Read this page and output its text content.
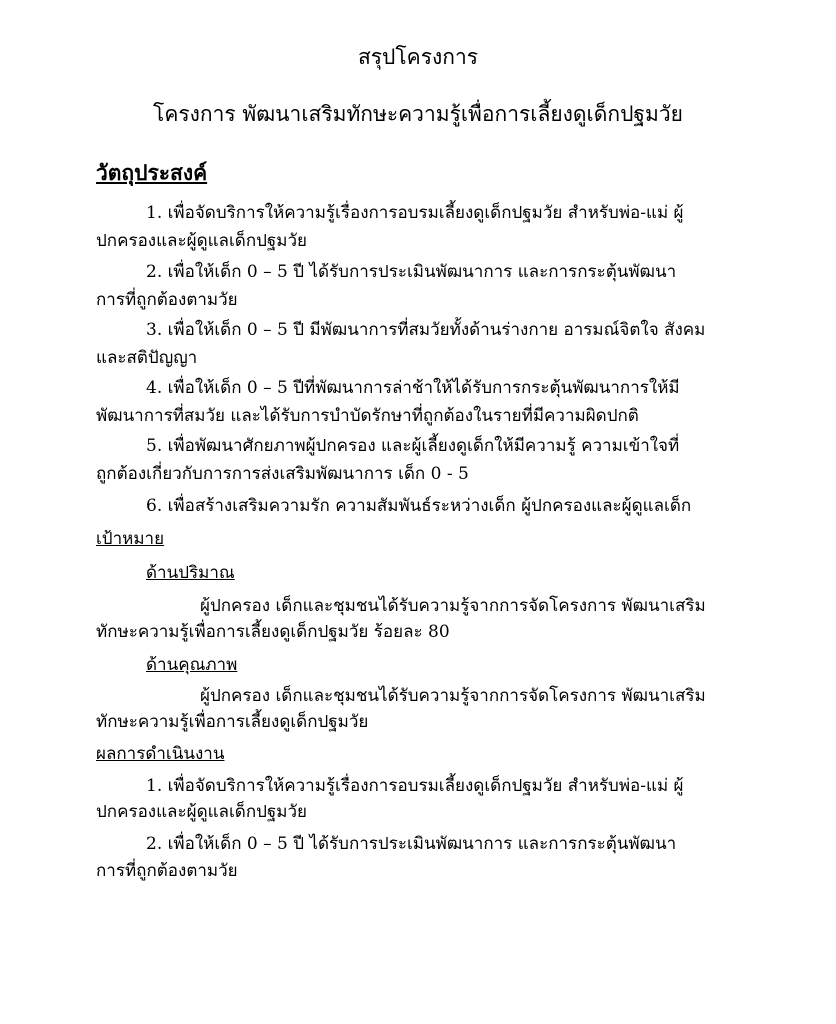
สรุปโครงการ
โครงการ พัฒนาเสริมทักษะความรู้เพื่อการเลี้ยงดูเด็กปฐมวัย
วัตถุประสงค์
1. เพื่อจัดบริการให้ความรู้เรื่องการอบรมเลี้ยงดูเด็กปฐมวัย สำหรับพ่อ-แม่ ผู้
ปกครองและผู้ดูแลเด็กปฐมวัย
2. เพื่อให้เด็ก 0 – 5 ปี ได้รับการประเมินพัฒนาการ และการกระตุ้นพัฒนา
การที่ถูกต้องตามวัย
3. เพื่อให้เด็ก 0 – 5 ปี มีพัฒนาการที่สมวัยทั้งด้านร่างกาย อารมณ์จิตใจ สังคม
และสติปัญญา
4. เพื่อให้เด็ก 0 – 5 ปีที่พัฒนาการล่าช้าให้ได้รับการกระตุ้นพัฒนาการให้มี
พัฒนาการที่สมวัย และได้รับการบำบัดรักษาที่ถูกต้องในรายที่มีความผิดปกติ
5. เพื่อพัฒนาศักยภาพผู้ปกครอง และผู้เลี้ยงดูเด็กให้มีความรู้ ความเข้าใจที่
ถูกต้องเกี่ยวกับการการส่งเสริมพัฒนาการ เด็ก 0 - 5
6. เพื่อสร้างเสริมความรัก ความสัมพันธ์ระหว่างเด็ก ผู้ปกครองและผู้ดูแลเด็ก
เป้าหมาย
ด้านปริมาณ
ผู้ปกครอง เด็กและชุมชนได้รับความรู้จากการจัดโครงการ พัฒนาเสริม
ทักษะความรู้เพื่อการเลี้ยงดูเด็กปฐมวัย ร้อยละ 80
ด้านคุณภาพ
ผู้ปกครอง เด็กและชุมชนได้รับความรู้จากการจัดโครงการ พัฒนาเสริม
ทักษะความรู้เพื่อการเลี้ยงดูเด็กปฐมวัย
ผลการดำเนินงาน
1. เพื่อจัดบริการให้ความรู้เรื่องการอบรมเลี้ยงดูเด็กปฐมวัย สำหรับพ่อ-แม่ ผู้
ปกครองและผู้ดูแลเด็กปฐมวัย
2. เพื่อให้เด็ก 0 – 5 ปี ได้รับการประเมินพัฒนาการ และการกระตุ้นพัฒนา
การที่ถูกต้องตามวัย
